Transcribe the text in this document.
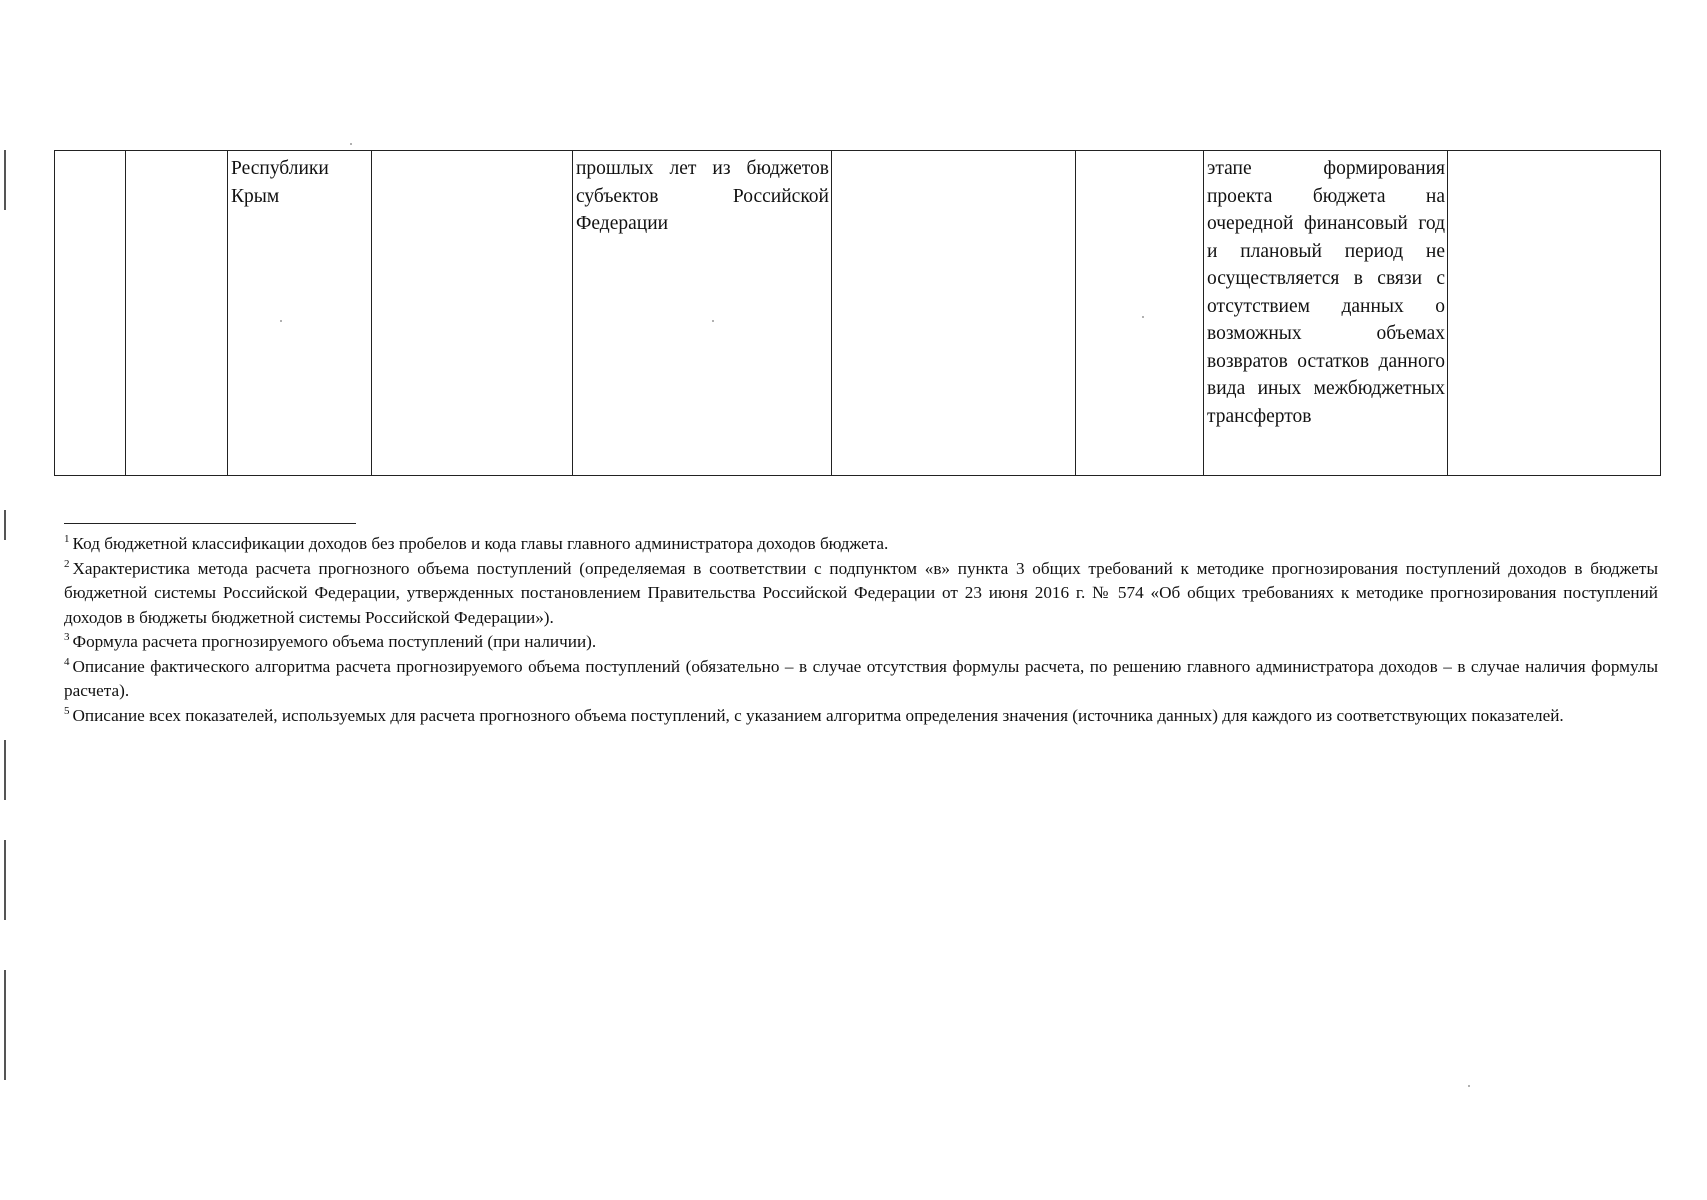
		Республики Крым		прошлых лет из бюджетов субъектов Российской Федерации			этапе формирования проекта бюджета на очередной финансовый год и плановый период не осуществляется в связи с отсутствием данных о возможных объемах возвратов остатков данного вида иных межбюджетных трансфертов	

$^1$ Код бюджетной классификации доходов без пробелов и кода главы главного администратора доходов бюджета.

$^2$ Характеристика метода расчета прогнозного объема поступлений (определяемая в соответствии с подпунктом «в» пункта 3 общих требований к методике прогнозирования поступлений доходов в бюджеты бюджетной системы Российской Федерации, утвержденных постановлением Правительства Российской Федерации от 23 июня 2016 г. № 574 «Об общих требованиях к методике прогнозирования поступлений доходов в бюджеты бюджетной системы Российской Федерации»).

$^3$ Формула расчета прогнозируемого объема поступлений (при наличии).

$^4$ Описание фактического алгоритма расчета прогнозируемого объема поступлений (обязательно – в случае отсутствия формулы расчета, по решению главного администратора доходов – в случае наличия формулы расчета).

$^5$ Описание всех показателей, используемых для расчета прогнозного объема поступлений, с указанием алгоритма определения значения (источника данных) для каждого из соответствующих показателей.
